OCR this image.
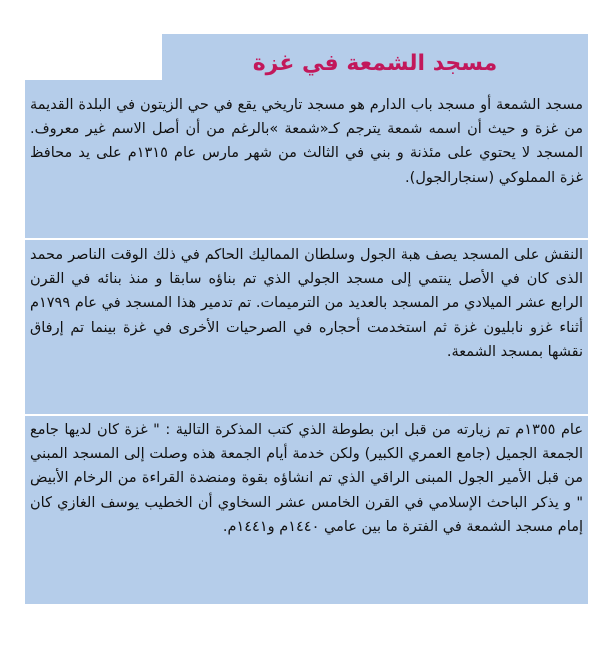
مسجد الشمعة في غزة

مسجد الشمعة أو مسجد باب الدارم هو مسجد تاريخي يقع في حي الزيتون في البلدة القديمة من غزة و حيث أن اسمه شمعة يترجم كـ«شمعة »بالرغم من أن أصل الاسم غير معروف. المسجد لا يحتوي على مئذنة و بني في الثالث من شهر مارس عام ١٣١٥م على يد محافظ غزة المملوكي (سنجارالجول).

النقش على المسجد يصف هبة الجول وسلطان المماليك الحاكم في ذلك الوقت الناصر محمد الذى كان في الأصل ينتمي إلى مسجد الجولي الذي تم بناؤه سابقا و منذ بنائه في القرن الرابع عشر الميلادي مر المسجد بالعديد من الترميمات. تم تدمير هذا المسجد في عام ١٧٩٩م أثناء غزو نابليون غزة ثم استخدمت أحجاره في الصرحيات الأخرى في غزة بينما تم إرفاق نقشها بمسجد الشمعة.

عام ١٣٥٥م تم زيارته من قبل ابن بطوطة الذي كتب المذكرة التالية : " غزة كان لديها جامع الجمعة الجميل (جامع العمري الكبير) ولكن خدمة أيام الجمعة هذه وصلت إلى المسجد المبني من قبل الأمير الجول المبنى الراقي الذي تم انشاؤه بقوة ومنضدة القراءة من الرخام الأبيض " و يذكر الباحث الإسلامي في القرن الخامس عشر السخاوي أن الخطيب يوسف الغازي كان إمام مسجد الشمعة في الفترة ما بين عامي ١٤٤٠م و١٤٤١م.
